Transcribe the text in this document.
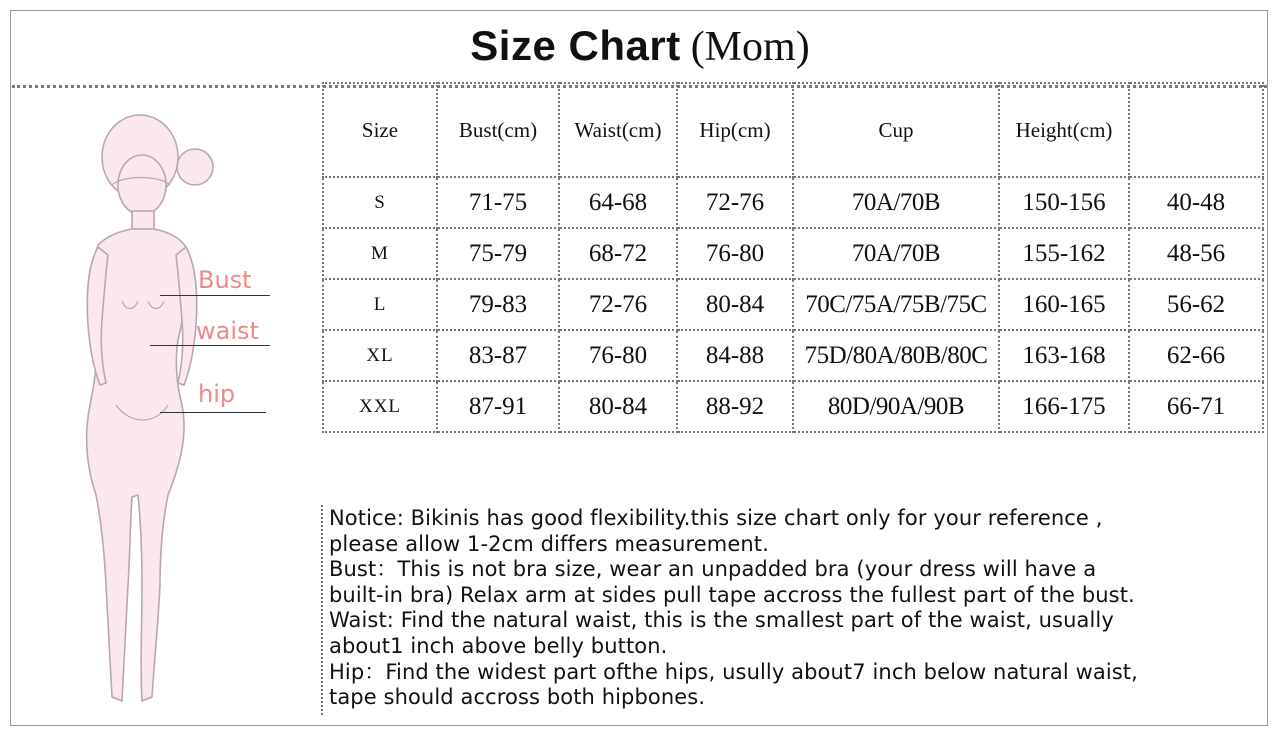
Size Chart (Mom)
Bust
waist
hip
Size	Bust(cm)	Waist(cm)	Hip(cm)	Cup	Height(cm)	
S	71-75	64-68	72-76	70A/70B	150-156	40-48
M	75-79	68-72	76-80	70A/70B	155-162	48-56
L	79-83	72-76	80-84	70C/75A/75B/75C	160-165	56-62
XL	83-87	76-80	84-88	75D/80A/80B/80C	163-168	62-66
XXL	87-91	80-84	88-92	80D/90A/90B	166-175	66-71
Notice: Bikinis has good flexibility.this size chart only for your reference ,
please allow 1-2cm differs measurement.
Bust：This is not bra size, wear an unpadded bra (your dress will have a
built-in bra) Relax arm at sides pull tape accross the fullest part of the bust.
Waist: Find the natural waist, this is the smallest part of the waist, usually
about1 inch above belly button.
Hip：Find the widest part ofthe hips, usully about7 inch below natural waist,
tape should accross both hipbones.
